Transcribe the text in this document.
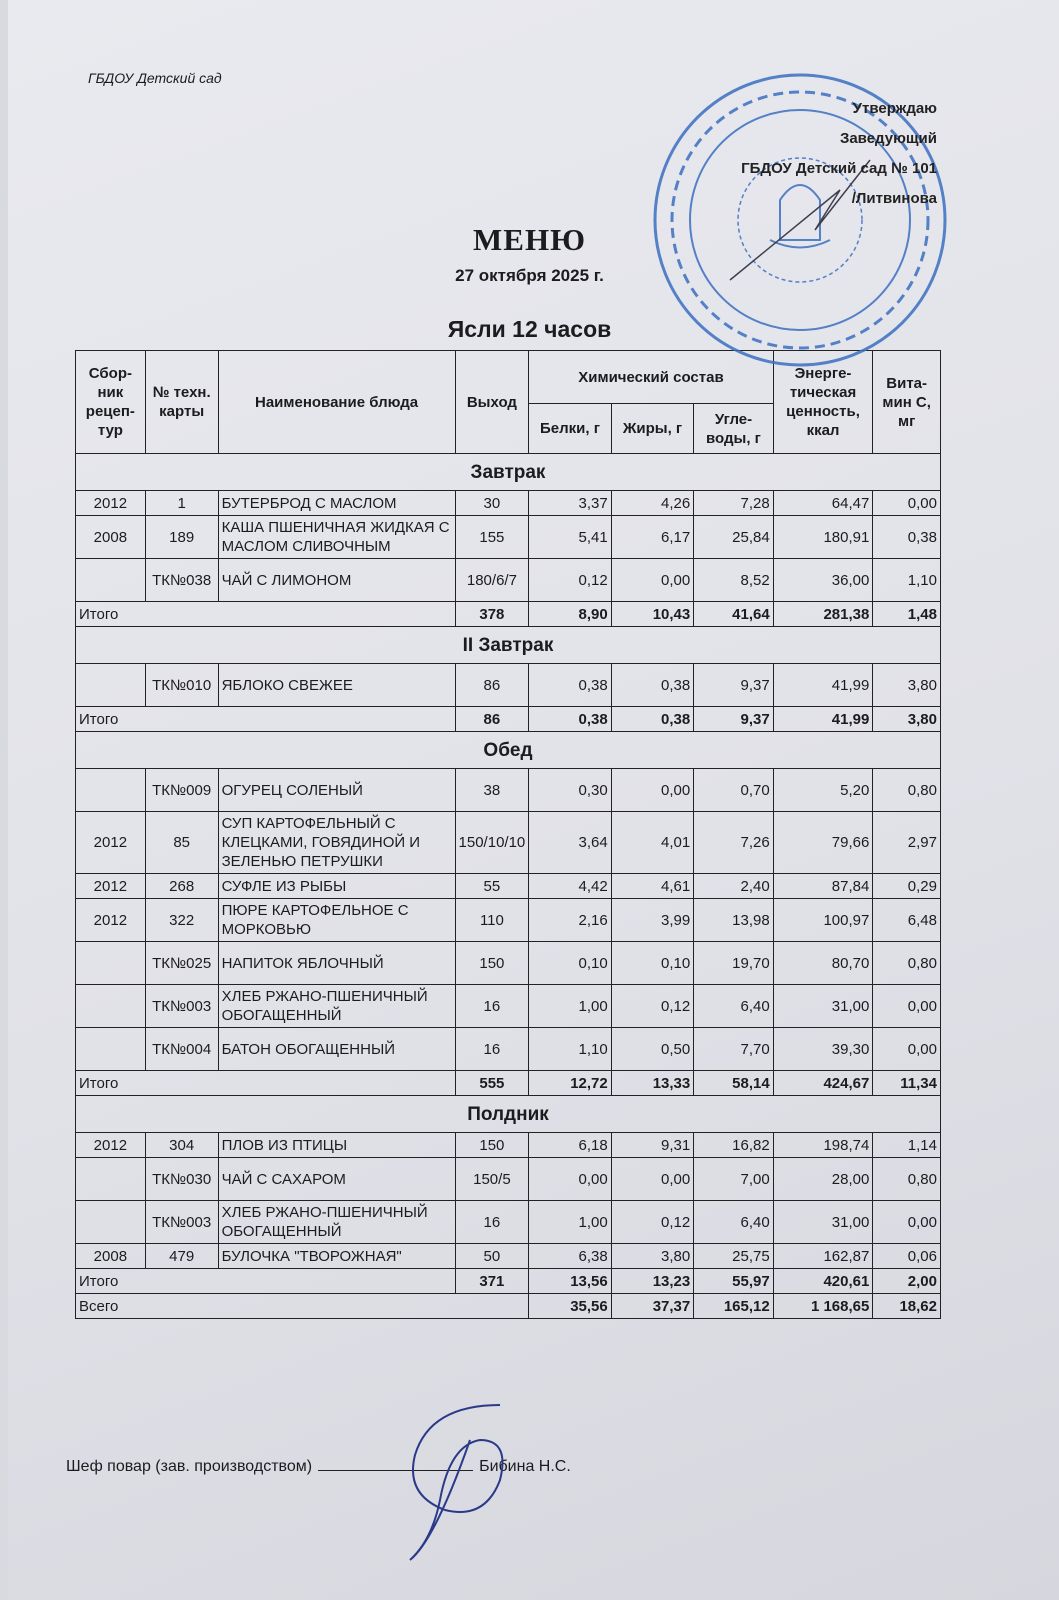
ГБДОУ Детский сад
Утверждаю
Заведующий
ГБДОУ Детский сад № 101
/Литвинова
МЕНЮ
27 октября 2025 г.
Ясли 12 часов
Сбор-ник рецеп-тур	№ техн. карты	Наименование блюда	Выход	Химический состав			Энерге-тическая ценность, ккал	Вита-мин С, мг
				Белки, г	Жиры, г	Угле-воды, г		
Завтрак								
2012	1	БУТЕРБРОД С МАСЛОМ	30	3,37	4,26	7,28	64,47	0,00
2008	189	КАША ПШЕНИЧНАЯ ЖИДКАЯ С МАСЛОМ СЛИВОЧНЫМ	155	5,41	6,17	25,84	180,91	0,38
	ТК№038	ЧАЙ С ЛИМОНОМ	180/6/7	0,12	0,00	8,52	36,00	1,10
Итого			378	8,90	10,43	41,64	281,38	1,48
II Завтрак								
	ТК№010	ЯБЛОКО СВЕЖЕЕ	86	0,38	0,38	9,37	41,99	3,80
Итого			86	0,38	0,38	9,37	41,99	3,80
Обед								
	ТК№009	ОГУРЕЦ СОЛЕНЫЙ	38	0,30	0,00	0,70	5,20	0,80
2012	85	СУП КАРТОФЕЛЬНЫЙ С КЛЕЦКАМИ, ГОВЯДИНОЙ И ЗЕЛЕНЬЮ ПЕТРУШКИ	150/10/10	3,64	4,01	7,26	79,66	2,97
2012	268	СУФЛЕ ИЗ РЫБЫ	55	4,42	4,61	2,40	87,84	0,29
2012	322	ПЮРЕ КАРТОФЕЛЬНОЕ С МОРКОВЬЮ	110	2,16	3,99	13,98	100,97	6,48
	ТК№025	НАПИТОК ЯБЛОЧНЫЙ	150	0,10	0,10	19,70	80,70	0,80
	ТК№003	ХЛЕБ РЖАНО-ПШЕНИЧНЫЙ ОБОГАЩЕННЫЙ	16	1,00	0,12	6,40	31,00	0,00
	ТК№004	БАТОН ОБОГАЩЕННЫЙ	16	1,10	0,50	7,70	39,30	0,00
Итого			555	12,72	13,33	58,14	424,67	11,34
Полдник								
2012	304	ПЛОВ ИЗ ПТИЦЫ	150	6,18	9,31	16,82	198,74	1,14
	ТК№030	ЧАЙ С САХАРОМ	150/5	0,00	0,00	7,00	28,00	0,80
	ТК№003	ХЛЕБ РЖАНО-ПШЕНИЧНЫЙ ОБОГАЩЕННЫЙ	16	1,00	0,12	6,40	31,00	0,00
2008	479	БУЛОЧКА "ТВОРОЖНАЯ"	50	6,38	3,80	25,75	162,87	0,06
Итого			371	13,56	13,23	55,97	420,61	2,00
Всего				35,56	37,37	165,12	1 168,65	18,62
Шеф повар (зав. производством)	Бибина Н.С.
